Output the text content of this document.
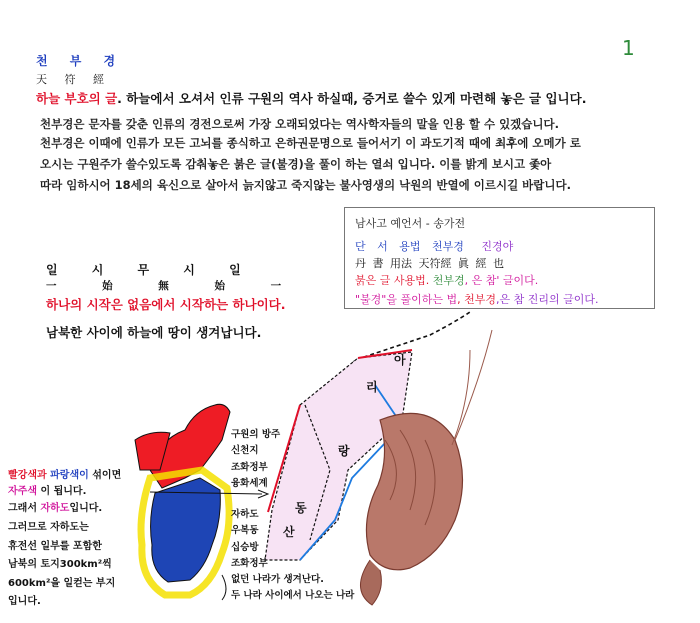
1
천 부 경
天 符 經
하늘 부호의 글. 하늘에서 오셔서 인류 구원의 역사 하실때, 증거로 쓸수 있게 마련해 놓은 글 입니다.
천부경은 문자를 갖춘 인류의 경전으로써 가장 오래되었다는 역사학자들의 말을 인용 할 수 있겠습니다.
천부경은 이때에 인류가 모든 고뇌를 종식하고 은하권문명으로 들어서기 이 과도기적 때에 최후에 오메가 로
오시는 구원주가 쓸수있도록 감춰놓은 붉은 글(불경)을 풀이 하는 열쇠 입니다. 이를 밝게 보시고 좇아
따라 임하시어 18세의 육신으로 살아서 늙지않고 죽지않는 불사영생의 낙원의 반열에 이르시길 바랍니다.
남사고 예언서 - 송가전
단 서 용법 천부경 진경야
丹 書 用法 天符經 眞 經 也
붉은 글 사용법. 천부경, 은 참' 글이다.
"불경"을 풀이하는 법, 천부경,은 참 진리의 글이다.
일 시 무 시 일
一 始 無 始 一
하나의 시작은 없음에서 시작하는 하나이다.
남북한 사이에 하늘에 땅이 생겨납니다.
아
리
랑
동
산
빨강색과 파랑색이 섞이면
자주색 이 됩니다.
그래서 자하도입니다.
그러므로 자하도는
휴전선 일부를 포함한
남북의 토지300km²씩
600km²을 일컫는 부지
입니다.
구원의 방주
신천지
조화정부
융화세계
자하도
우복동
십승방
조화정부
없던 나라가 생겨난다.
두 나라 사이에서 나오는 나라
